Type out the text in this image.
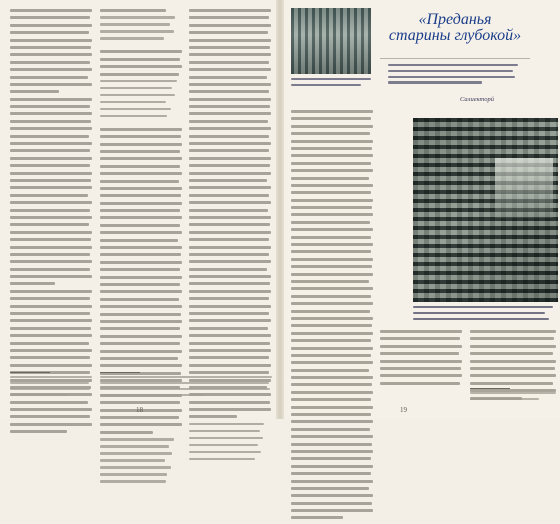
18
«Преданья
старины глубокой»
Салиекторй
19
